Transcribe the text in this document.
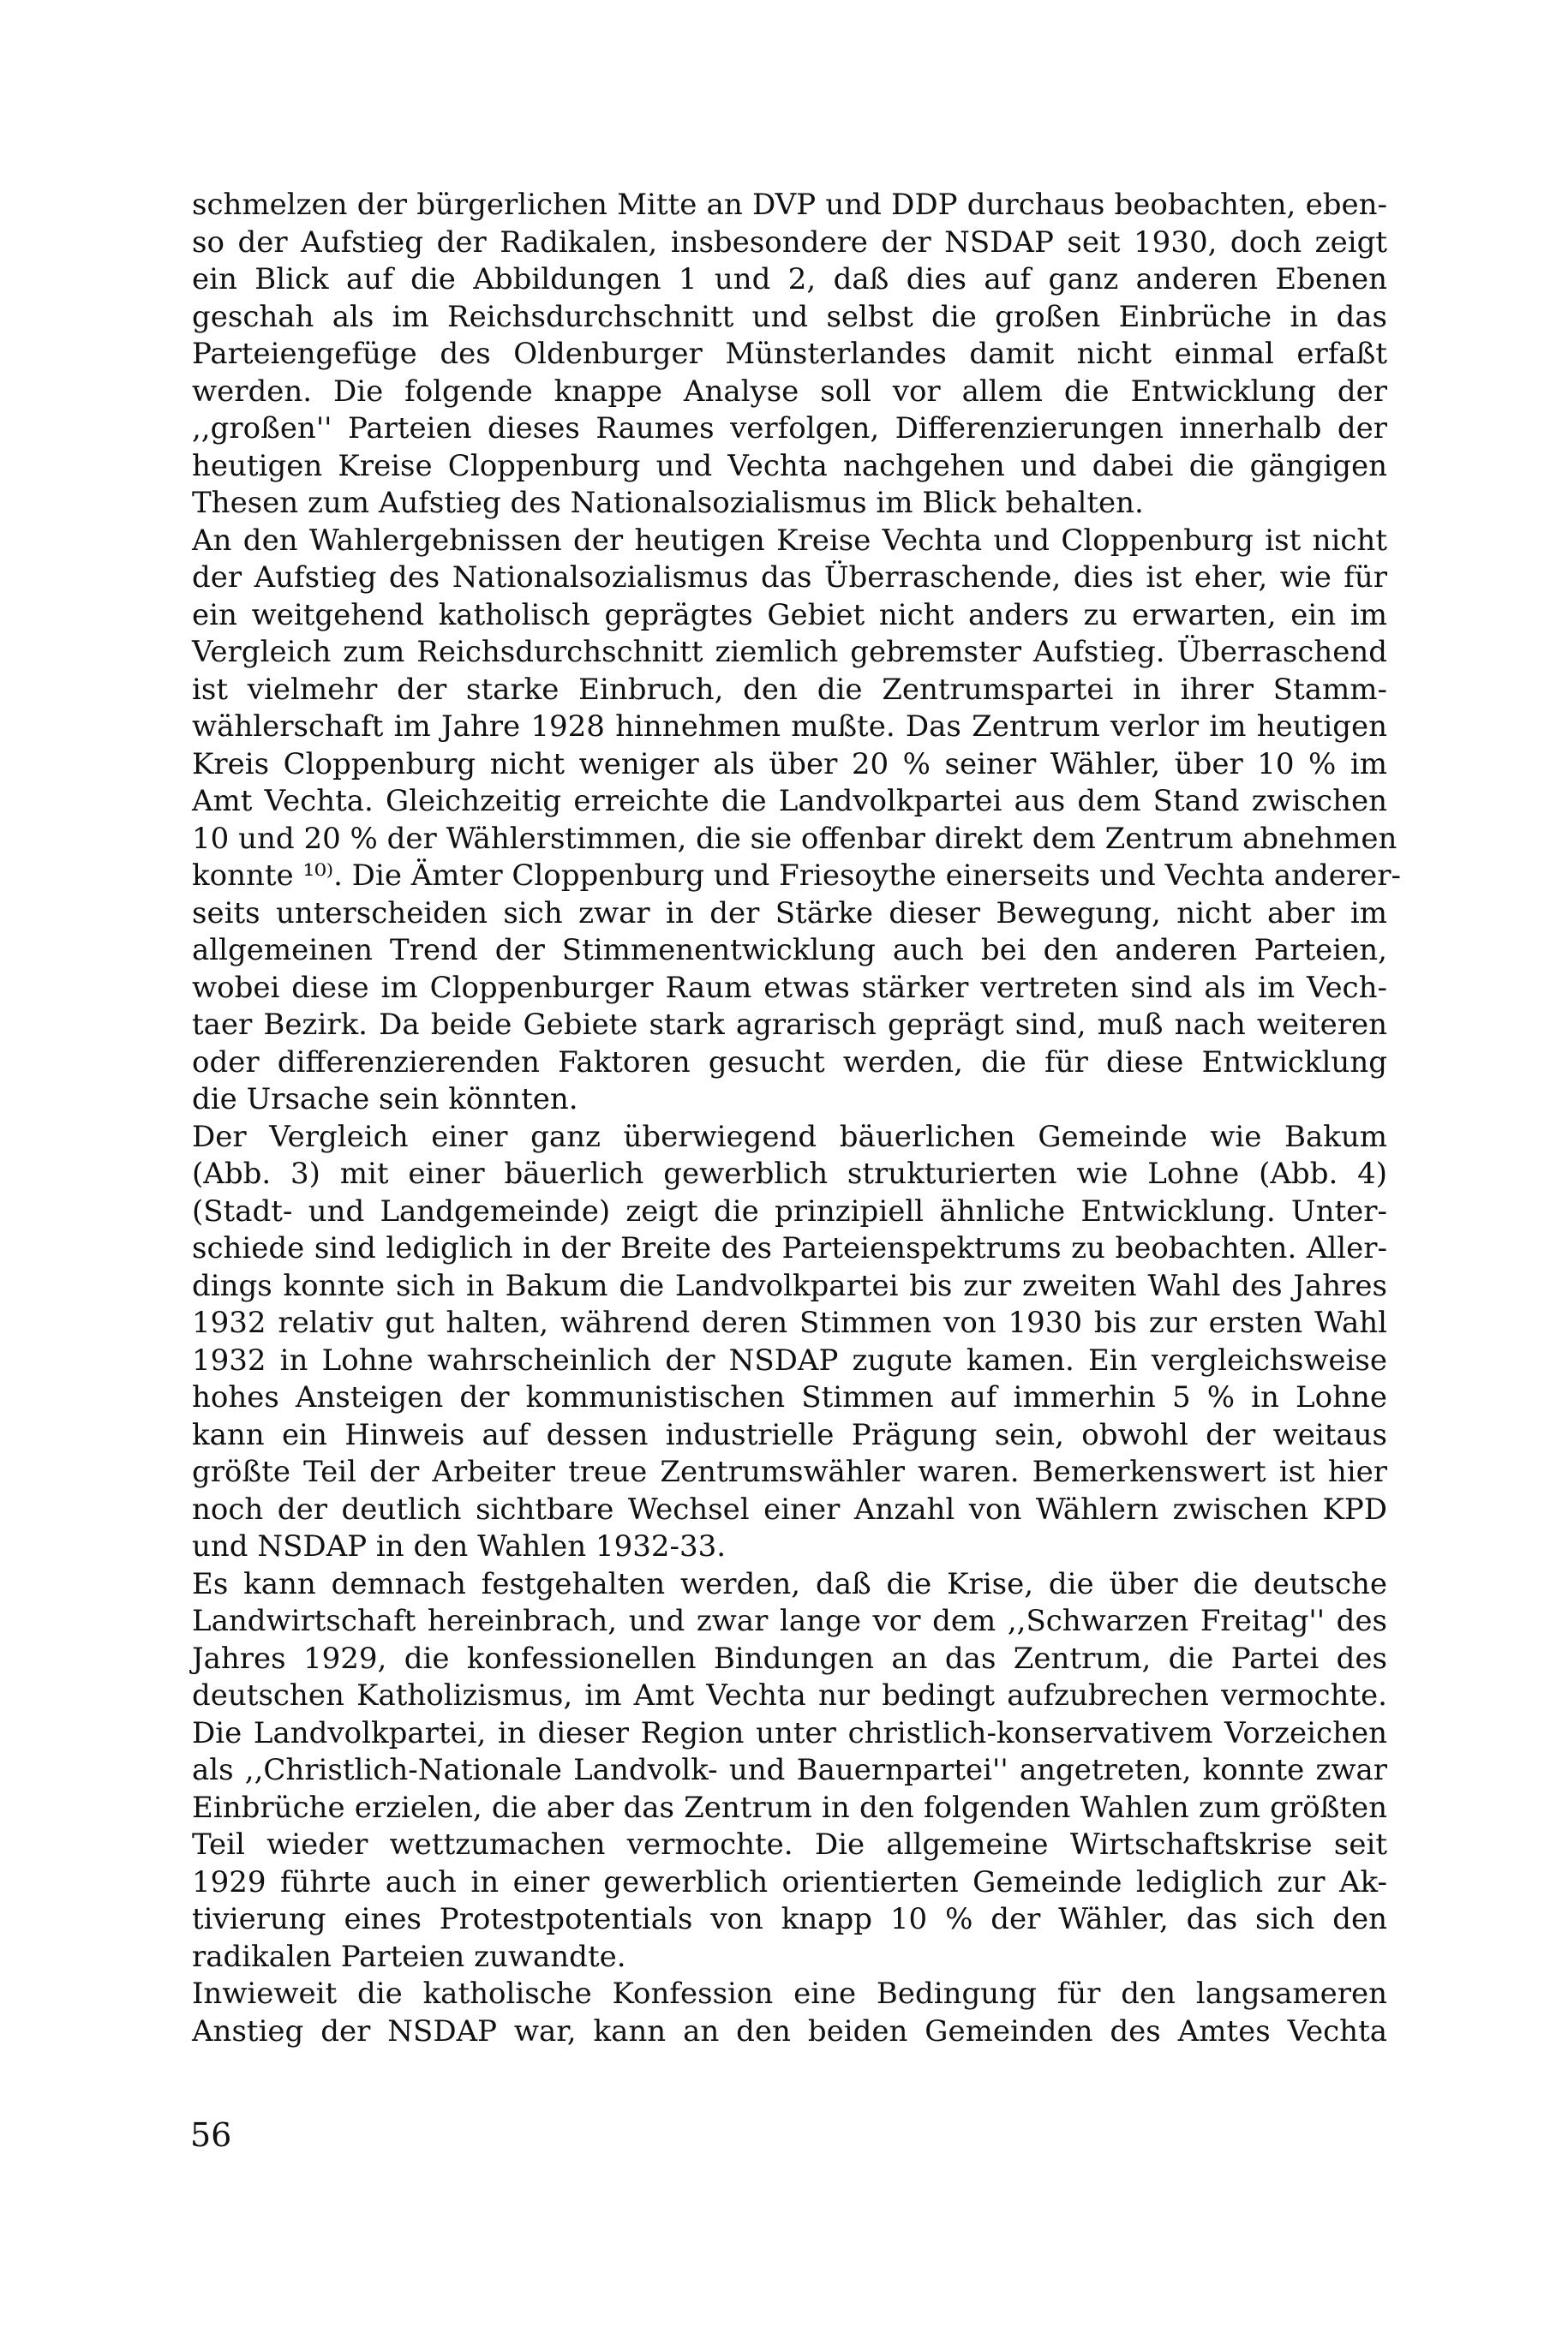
schmelzen der bürgerlichen Mitte an DVP und DDP durchaus beobachten, eben-
so der Aufstieg der Radikalen, insbesondere der NSDAP seit 1930, doch zeigt
ein Blick auf die Abbildungen 1 und 2, daß dies auf ganz anderen Ebenen
geschah als im Reichsdurchschnitt und selbst die großen Einbrüche in das
Parteiengefüge des Oldenburger Münsterlandes damit nicht einmal erfaßt
werden. Die folgende knappe Analyse soll vor allem die Entwicklung der
,,großen'' Parteien dieses Raumes verfolgen, Differenzierungen innerhalb der
heutigen Kreise Cloppenburg und Vechta nachgehen und dabei die gängigen
Thesen zum Aufstieg des Nationalsozialismus im Blick behalten.
An den Wahlergebnissen der heutigen Kreise Vechta und Cloppenburg ist nicht
der Aufstieg des Nationalsozialismus das Überraschende, dies ist eher, wie für
ein weitgehend katholisch geprägtes Gebiet nicht anders zu erwarten, ein im
Vergleich zum Reichsdurchschnitt ziemlich gebremster Aufstieg. Überraschend
ist vielmehr der starke Einbruch, den die Zentrumspartei in ihrer Stamm-
wählerschaft im Jahre 1928 hinnehmen mußte. Das Zentrum verlor im heutigen
Kreis Cloppenburg nicht weniger als über 20 % seiner Wähler, über 10 % im
Amt Vechta. Gleichzeitig erreichte die Landvolkpartei aus dem Stand zwischen
10 und 20 % der Wählerstimmen, die sie offenbar direkt dem Zentrum abnehmen
konnte ¹⁰⁾. Die Ämter Cloppenburg und Friesoythe einerseits und Vechta anderer-
seits unterscheiden sich zwar in der Stärke dieser Bewegung, nicht aber im
allgemeinen Trend der Stimmenentwicklung auch bei den anderen Parteien,
wobei diese im Cloppenburger Raum etwas stärker vertreten sind als im Vech-
taer Bezirk. Da beide Gebiete stark agrarisch geprägt sind, muß nach weiteren
oder differenzierenden Faktoren gesucht werden, die für diese Entwicklung
die Ursache sein könnten.
Der Vergleich einer ganz überwiegend bäuerlichen Gemeinde wie Bakum
(Abb. 3) mit einer bäuerlich gewerblich strukturierten wie Lohne (Abb. 4)
(Stadt- und Landgemeinde) zeigt die prinzipiell ähnliche Entwicklung. Unter-
schiede sind lediglich in der Breite des Parteienspektrums zu beobachten. Aller-
dings konnte sich in Bakum die Landvolkpartei bis zur zweiten Wahl des Jahres
1932 relativ gut halten, während deren Stimmen von 1930 bis zur ersten Wahl
1932 in Lohne wahrscheinlich der NSDAP zugute kamen. Ein vergleichsweise
hohes Ansteigen der kommunistischen Stimmen auf immerhin 5 % in Lohne
kann ein Hinweis auf dessen industrielle Prägung sein, obwohl der weitaus
größte Teil der Arbeiter treue Zentrumswähler waren. Bemerkenswert ist hier
noch der deutlich sichtbare Wechsel einer Anzahl von Wählern zwischen KPD
und NSDAP in den Wahlen 1932-33.
Es kann demnach festgehalten werden, daß die Krise, die über die deutsche
Landwirtschaft hereinbrach, und zwar lange vor dem ,,Schwarzen Freitag'' des
Jahres 1929, die konfessionellen Bindungen an das Zentrum, die Partei des
deutschen Katholizismus, im Amt Vechta nur bedingt aufzubrechen vermochte.
Die Landvolkpartei, in dieser Region unter christlich-konservativem Vorzeichen
als ,,Christlich-Nationale Landvolk- und Bauernpartei'' angetreten, konnte zwar
Einbrüche erzielen, die aber das Zentrum in den folgenden Wahlen zum größten
Teil wieder wettzumachen vermochte. Die allgemeine Wirtschaftskrise seit
1929 führte auch in einer gewerblich orientierten Gemeinde lediglich zur Ak-
tivierung eines Protestpotentials von knapp 10 % der Wähler, das sich den
radikalen Parteien zuwandte.
Inwieweit die katholische Konfession eine Bedingung für den langsameren
Anstieg der NSDAP war, kann an den beiden Gemeinden des Amtes Vechta
56
